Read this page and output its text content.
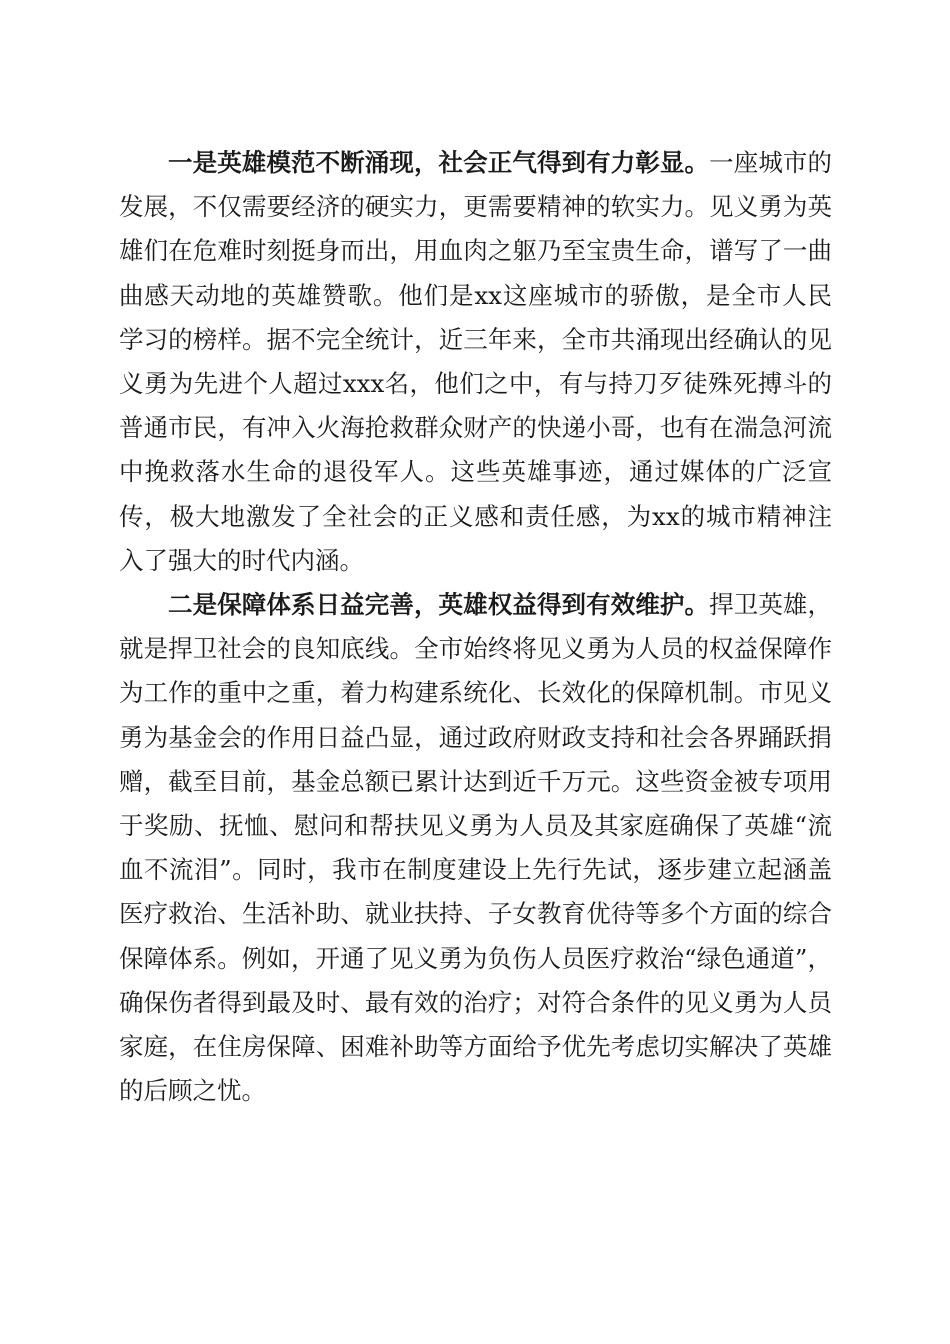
一是英雄模范不断涌现，社会正气得到有力彰显。一座城市的发展，不仅需要经济的硬实力，更需要精神的软实力。见义勇为英雄们在危难时刻挺身而出，用血肉之躯乃至宝贵生命，谱写了一曲曲感天动地的英雄赞歌。他们是xx这座城市的骄傲，是全市人民学习的榜样。据不完全统计，近三年来，全市共涌现出经确认的见义勇为先进个人超过xxx名，他们之中，有与持刀歹徒殊死搏斗的普通市民，有冲入火海抢救群众财产的快递小哥，也有在湍急河流中挽救落水生命的退役军人。这些英雄事迹，通过媒体的广泛宣传，极大地激发了全社会的正义感和责任感，为xx的城市精神注入了强大的时代内涵。

二是保障体系日益完善，英雄权益得到有效维护。捍卫英雄，就是捍卫社会的良知底线。全市始终将见义勇为人员的权益保障作为工作的重中之重，着力构建系统化、长效化的保障机制。市见义勇为基金会的作用日益凸显，通过政府财政支持和社会各界踊跃捐赠，截至目前，基金总额已累计达到近千万元。这些资金被专项用于奖励、抚恤、慰问和帮扶见义勇为人员及其家庭确保了英雄“流血不流泪”。同时，我市在制度建设上先行先试，逐步建立起涵盖医疗救治、生活补助、就业扶持、子女教育优待等多个方面的综合保障体系。例如，开通了见义勇为负伤人员医疗救治“绿色通道”，确保伤者得到最及时、最有效的治疗；对符合条件的见义勇为人员家庭，在住房保障、困难补助等方面给予优先考虑切实解决了英雄的后顾之忧。
